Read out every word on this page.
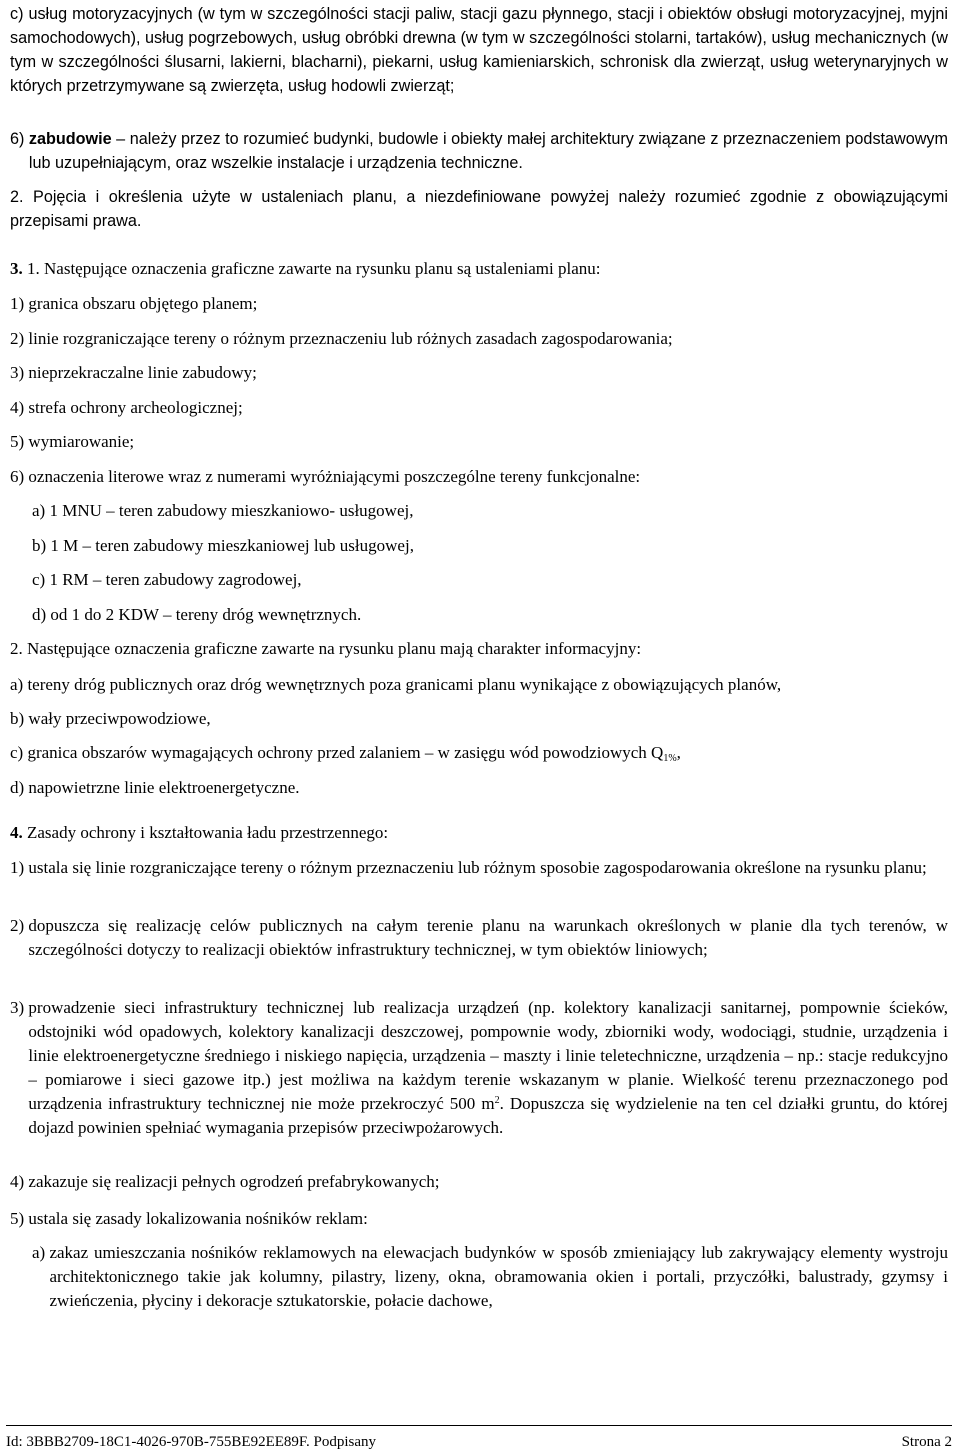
c) usług motoryzacyjnych (w tym w szczególności stacji paliw, stacji gazu płynnego, stacji i obiektów obsługi motoryzacyjnej, myjni samochodowych), usług pogrzebowych, usług obróbki drewna (w tym w szczególności stolarni, tartaków), usług mechanicznych (w tym w szczególności ślusarni, lakierni, blacharni), piekarni, usług kamieniarskich, schronisk dla zwierząt, usług weterynaryjnych w których przetrzymywane są zwierzęta, usług hodowli zwierząt;

6) zabudowie – należy przez to rozumieć budynki, budowle i obiekty małej architektury związane z przeznaczeniem podstawowym lub uzupełniającym, oraz wszelkie instalacje i urządzenia techniczne.

2. Pojęcia i określenia użyte w ustaleniach planu, a niezdefiniowane powyżej należy rozumieć zgodnie z obowiązującymi przepisami prawa.

3. 1. Następujące oznaczenia graficzne zawarte na rysunku planu są ustaleniami planu:

1) granica obszaru objętego planem;

2) linie rozgraniczające tereny o różnym przeznaczeniu lub różnych zasadach zagospodarowania;

3) nieprzekraczalne linie zabudowy;

4) strefa ochrony archeologicznej;

5) wymiarowanie;

6) oznaczenia literowe wraz z numerami wyróżniającymi poszczególne tereny funkcjonalne:

a) 1 MNU – teren zabudowy mieszkaniowo- usługowej,

b) 1 M – teren zabudowy mieszkaniowej lub usługowej,

c) 1 RM – teren zabudowy zagrodowej,

d) od 1 do 2 KDW – tereny dróg wewnętrznych.

2. Następujące oznaczenia graficzne zawarte na rysunku planu mają charakter informacyjny:

a) tereny dróg publicznych oraz dróg wewnętrznych poza granicami planu wynikające z obowiązujących planów,

b) wały przeciwpowodziowe,

c) granica obszarów wymagających ochrony przed zalaniem – w zasięgu wód powodziowych $Q_{1\%}$,

d) napowietrzne linie elektroenergetyczne.

4. Zasady ochrony i kształtowania ładu przestrzennego:

1) ustala się linie rozgraniczające tereny o różnym przeznaczeniu lub różnym sposobie zagospodarowania określone na rysunku planu;
2) dopuszcza się realizację celów publicznych na całym terenie planu na warunkach określonych w planie dla tych terenów, w szczególności dotyczy to realizacji obiektów infrastruktury technicznej, w tym obiektów liniowych;
3) prowadzenie sieci infrastruktury technicznej lub realizacja urządzeń (np. kolektory kanalizacji sanitarnej, pompownie ścieków, odstojniki wód opadowych, kolektory kanalizacji deszczowej, pompownie wody, zbiorniki wody, wodociągi, studnie, urządzenia i linie elektroenergetyczne średniego i niskiego napięcia, urządzenia – maszty i linie teletechniczne, urządzenia – np.: stacje redukcyjno – pomiarowe i sieci gazowe itp.) jest możliwa na każdym terenie wskazanym w planie. Wielkość terenu przeznaczonego pod urządzenia infrastruktury technicznej nie może przekroczyć 500 $m^2$. Dopuszcza się wydzielenie na ten cel działki gruntu, do której dojazd powinien spełniać wymagania przepisów przeciwpożarowych.
4) zakazuje się realizacji pełnych ogrodzeń prefabrykowanych;
5) ustala się zasady lokalizowania nośników reklam:
a) zakaz umieszczania nośników reklamowych na elewacjach budynków w sposób zmieniający lub zakrywający elementy wystroju architektonicznego takie jak kolumny, pilastry, lizeny, okna, obramowania okien i portali, przyczółki, balustrady, gzymsy i zwieńczenia, płyciny i dekoracje sztukatorskie, połacie dachowe,
Id: 3BBB2709-18C1-4026-970B-755BE92EE89F. Podpisany	Strona 2
